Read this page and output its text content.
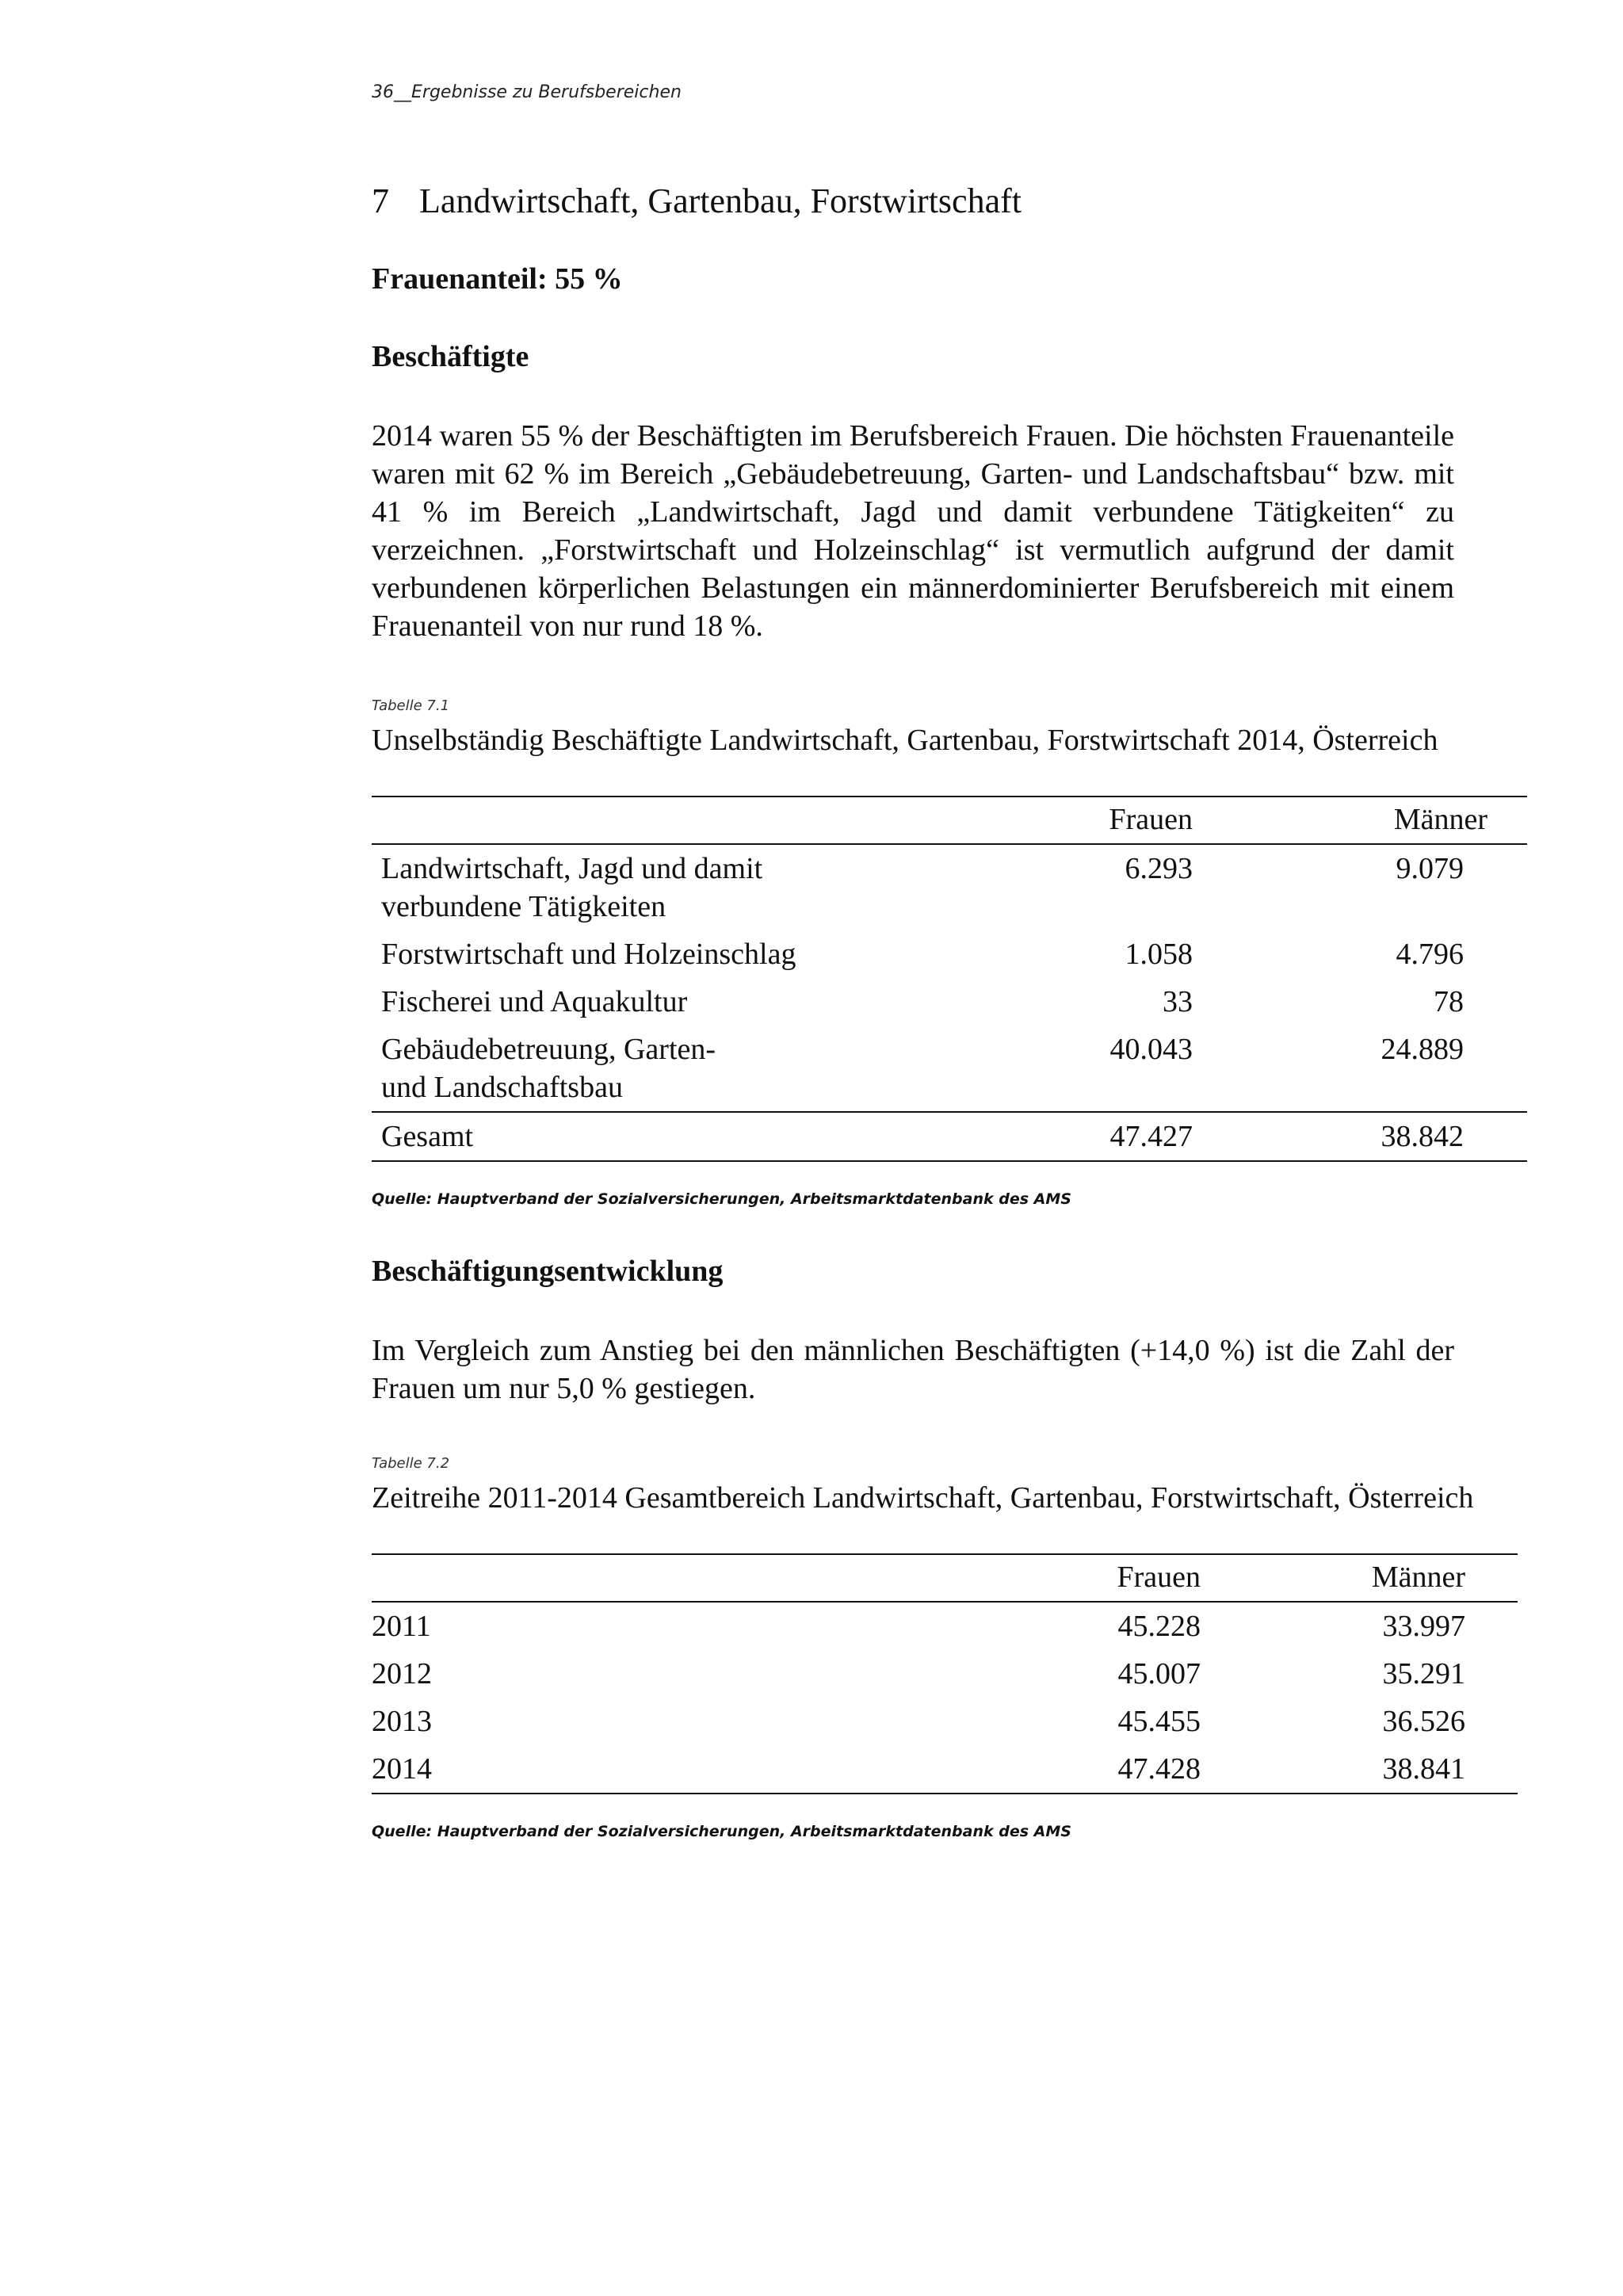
36__Ergebnisse zu Berufsbereichen
7 Landwirtschaft, Gartenbau, Forstwirtschaft
Frauenanteil: 55 %
Beschäftigte
2014 waren 55 % der Beschäftigten im Berufsbereich Frauen. Die höchsten Frauenanteile waren mit 62 % im Bereich „Gebäudebetreuung, Garten- und Landschaftsbau“ bzw. mit 41 % im Bereich „Landwirtschaft, Jagd und damit verbundene Tätigkeiten“ zu verzeichnen. „Forstwirtschaft und Holzeinschlag“ ist vermutlich aufgrund der damit verbundenen körperlichen Belastungen ein männerdominierter Berufsbereich mit einem Frauenanteil von nur rund 18 %.
Tabelle 7.1
Unselbständig Beschäftigte Landwirtschaft, Gartenbau, Forstwirtschaft 2014, Österreich
	Frauen	Männer
Landwirtschaft, Jagd und damit verbundene Tätigkeiten	6.293	9.079
Forstwirtschaft und Holzeinschlag	1.058	4.796
Fischerei und Aquakultur	33	78
Gebäudebetreuung, Garten- und Landschaftsbau	40.043	24.889
Gesamt	47.427	38.842
Quelle: Hauptverband der Sozialversicherungen, Arbeitsmarktdatenbank des AMS
Beschäftigungsentwicklung
Im Vergleich zum Anstieg bei den männlichen Beschäftigten (+14,0 %) ist die Zahl der Frauen um nur 5,0 % gestiegen.
Tabelle 7.2
Zeitreihe 2011-2014 Gesamtbereich Landwirtschaft, Gartenbau, Forstwirtschaft, Österreich
	Frauen	Männer
2011	45.228	33.997
2012	45.007	35.291
2013	45.455	36.526
2014	47.428	38.841
Quelle: Hauptverband der Sozialversicherungen, Arbeitsmarktdatenbank des AMS
